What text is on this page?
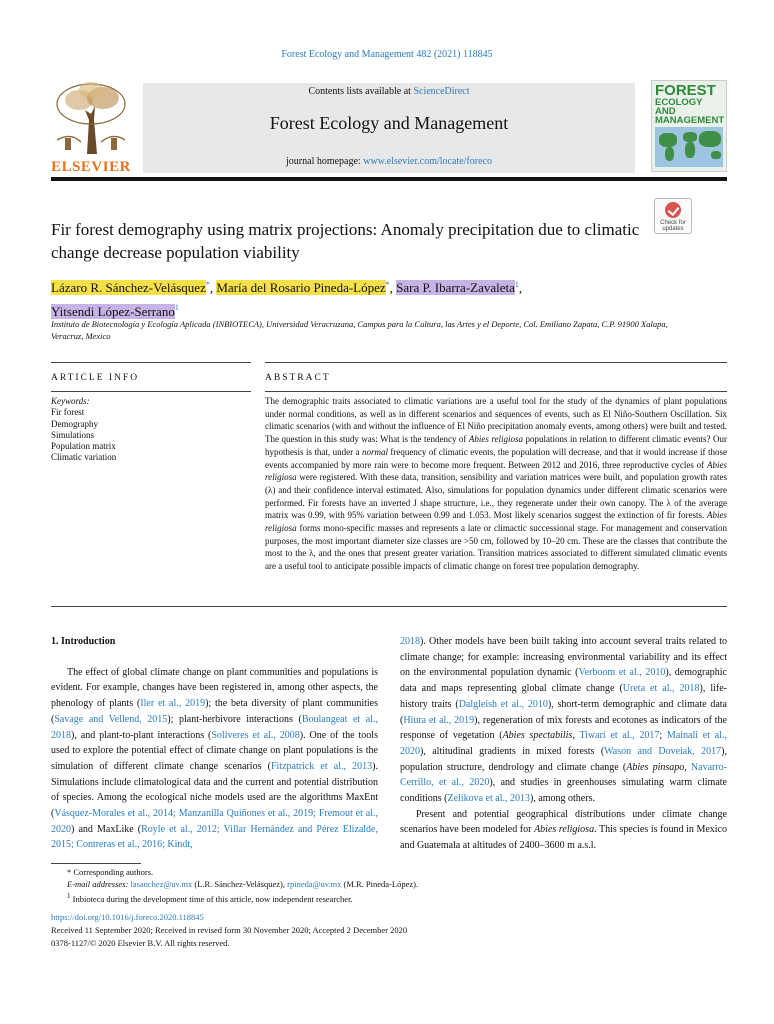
Forest Ecology and Management 482 (2021) 118845
ELSEVIER
Contents lists available at ScienceDirect
Forest Ecology and Management
journal homepage: www.elsevier.com/locate/foreco
FOREST
ECOLOGY AND MANAGEMENT
Fir forest demography using matrix projections: Anomaly precipitation due to climatic change decrease population viability
Check for updates
Lázaro R. Sánchez-Velásquez*, María del Rosario Pineda-López*, Sara P. Ibarra-Zavaleta$^1$,
Yitsendi López-Serrano$^1$
Instituto de Biotecnología y Ecología Aplicada (INBIOTECA), Universidad Veracruzana, Campus para la Cultura, las Artes y el Deporte, Col. Emiliano Zapata, C.P. 91900 Xalapa, Veracruz, Mexico
ARTICLE INFO	ABSTRACT
Keywords:
Fir forest
Demography
Simulations
Population matrix
Climatic variation
The demographic traits associated to climatic variations are a useful tool for the study of the dynamics of plant populations under normal conditions, as well as in different scenarios and sequences of events, such as El Niño-Southern Oscillation. Six climatic scenarios (with and without the influence of El Niño precipitation anomaly events, among others) were built and tested. The question in this study was: What is the tendency of Abies religiosa populations in relation to different climatic events? Our hypothesis is that, under a normal frequency of climatic events, the population will decrease, and that it would increase if those events accompanied by more rain were to become more frequent. Between 2012 and 2016, three reproductive cycles of Abies religiosa were registered. With these data, transition, sensibility and variation matrices were built, and population growth rates (λ) and their confidence interval estimated. Also, simulations for population dynamics under different climatic scenarios were performed. Fir forests have an inverted J shape structure, i.e., they regenerate under their own canopy. The λ of the average matrix was 0.99, with 95% variation between 0.99 and 1.053. Most likely scenarios suggest the extinction of fir forests. Abies religiosa forms mono-specific masses and represents a late or climactic successional stage. For management and conservation purposes, the most important diameter size classes are >50 cm, followed by 10–20 cm. These are the classes that contribute the most to the λ, and the ones that present greater variation. Transition matrices associated to different simulated climatic events are a useful tool to anticipate possible impacts of climatic change on forest tree population demography.
1. Introduction

The effect of global climate change on plant communities and populations is evident. For example, changes have been registered in, among other aspects, the phenology of plants (Iler et al., 2019); the beta diversity of plant communities (Savage and Vellend, 2015); plant-herbivore interactions (Boulangeat et al., 2018), and plant-to-plant interactions (Soliveres et al., 2008). One of the tools used to explore the potential effect of climate change on plant populations is the simulation of different climate change scenarios (Fitzpatrick et al., 2013). Simulations include climatological data and the current and potential distribution of species. Among the ecological niche models used are the algorithms MaxEnt (Vásquez-Morales et al., 2014; Manzanilla Quiñones et al., 2019; Fremout et al., 2020) and MaxLike (Royle et al., 2012; Villar Hernández and Pérez Elizalde, 2015; Contreras et al., 2016; Kindt,

2018). Other models have been built taking into account several traits related to climate change; for example: increasing environmental variability and its effect on the environmental population dynamic (Verboom et al., 2010), demographic data and maps representing global climate change (Ureta et al., 2018), life-history traits (Dalgleish et al., 2010), short-term demographic and climate data (Hiura et al., 2019), regeneration of mix forests and ecotones as indicators of the response of vegetation (Abies spectabilis, Tiwari et al., 2017; Mainali et al., 2020), altitudinal gradients in mixed forests (Wason and Doveiak, 2017), population structure, dendrology and climate change (Abies pinsapo, Navarro-Cerrillo, et al., 2020), and studies in greenhouses simulating warm climate conditions (Zelikova et al., 2013), among others.

Present and potential geographical distributions under climate change scenarios have been modeled for Abies religiosa. This species is found in Mexico and Guatemala at altitudes of 2400–3600 m a.s.l.

* Corresponding authors.
E-mail addresses: lasanchez@uv.mx (L.R. Sánchez-Velásquez), rpineda@uv.mx (M.R. Pineda-López).
$^1$ Inbioteca during the development time of this article, now independent researcher.
https://doi.org/10.1016/j.foreco.2020.118845
Received 11 September 2020; Received in revised form 30 November 2020; Accepted 2 December 2020
0378-1127/© 2020 Elsevier B.V. All rights reserved.
